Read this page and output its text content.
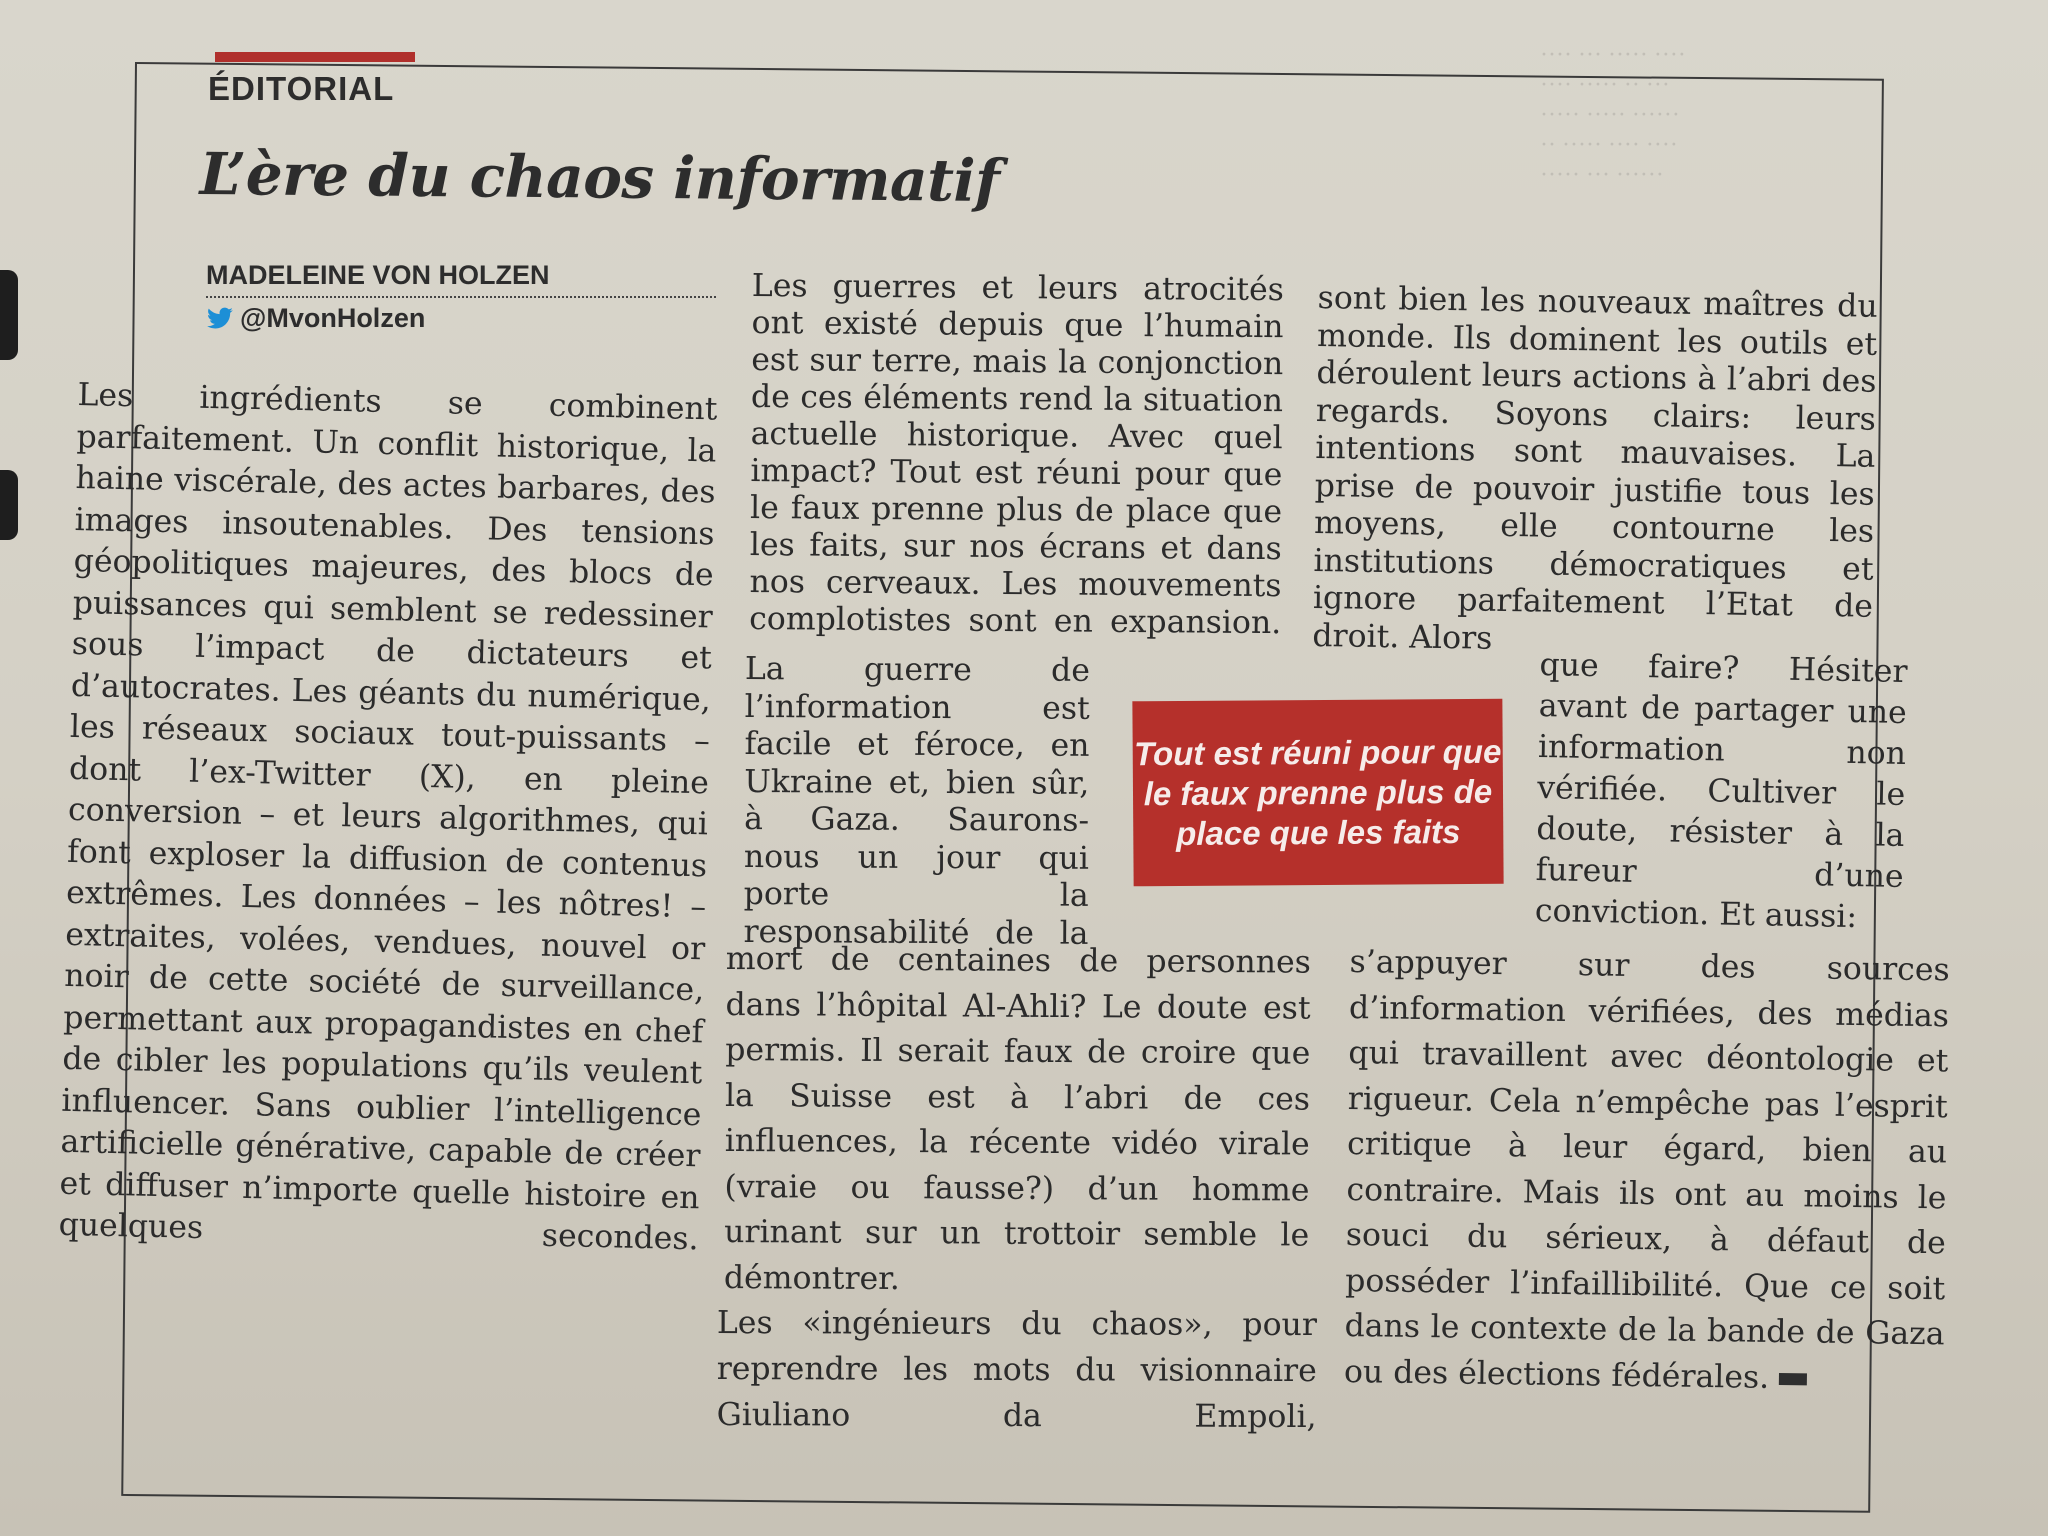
···· ··· ····· ····
···· ····· ·· ···
····· ····· ······
·· ····· ···· ····
····· ··· ······
ÉDITORIAL
L’ère du chaos informatif
MADELEINE VON HOLZEN
@MvonHolzen

Les ingrédients se combinent parfaitement. Un conflit historique, la haine viscérale, des actes barbares, des images insoutenables. Des tensions géopolitiques majeures, des blocs de puissances qui semblent se redessiner sous l’impact de dictateurs et d’autocrates. Les géants du numérique, les réseaux sociaux tout-puissants – dont l’ex-Twitter (X), en pleine conversion – et leurs algorithmes, qui font exploser la diffusion de contenus extrêmes. Les données – les nôtres! – extraites, volées, vendues, nouvel or noir de cette société de surveillance, permettant aux propagandistes en chef de cibler les populations qu’ils veulent influencer. Sans oublier l’intelligence artificielle générative, capable de créer et diffuser n’importe quelle histoire en quelques secondes.

Les guerres et leurs atrocités ont existé depuis que l’humain est sur terre, mais la conjonction de ces éléments rend la situation actuelle historique. Avec quel impact? Tout est réuni pour que le faux prenne plus de place que les faits, sur nos écrans et dans nos cerveaux. Les mouvements complotistes sont en expansion.

La guerre de l’information est facile et féroce, en Ukraine et, bien sûr, à Gaza. Saurons-nous un jour qui porte la responsabilité de la

mort de centaines de personnes dans l’hôpital Al-Ahli? Le doute est permis. Il serait faux de croire que la Suisse est à l’abri de ces influences, la récente vidéo virale (vraie ou fausse?) d’un homme urinant sur un trottoir semble le démontrer.

Les «ingénieurs du chaos», pour reprendre les mots du visionnaire Giuliano da Empoli,

sont bien les nouveaux maîtres du monde. Ils dominent les outils et déroulent leurs actions à l’abri des regards. Soyons clairs: leurs intentions sont mauvaises. La prise de pouvoir justifie tous les moyens, elle contourne les institutions démocratiques et ignore parfaitement l’Etat de droit. Alors

que faire? Hésiter avant de partager une information non vérifiée. Cultiver le doute, résister à la fureur d’une conviction. Et aussi:

s’appuyer sur des sources d’information vérifiées, des médias qui travaillent avec déontologie et rigueur. Cela n’empêche pas l’esprit critique à leur égard, bien au contraire. Mais ils ont au moins le souci du sérieux, à défaut de posséder l’infaillibilité. Que ce soit dans le contexte de la bande de Gaza ou des élections fédérales.

Tout est réuni pour que le faux prenne plus de place que les faits
